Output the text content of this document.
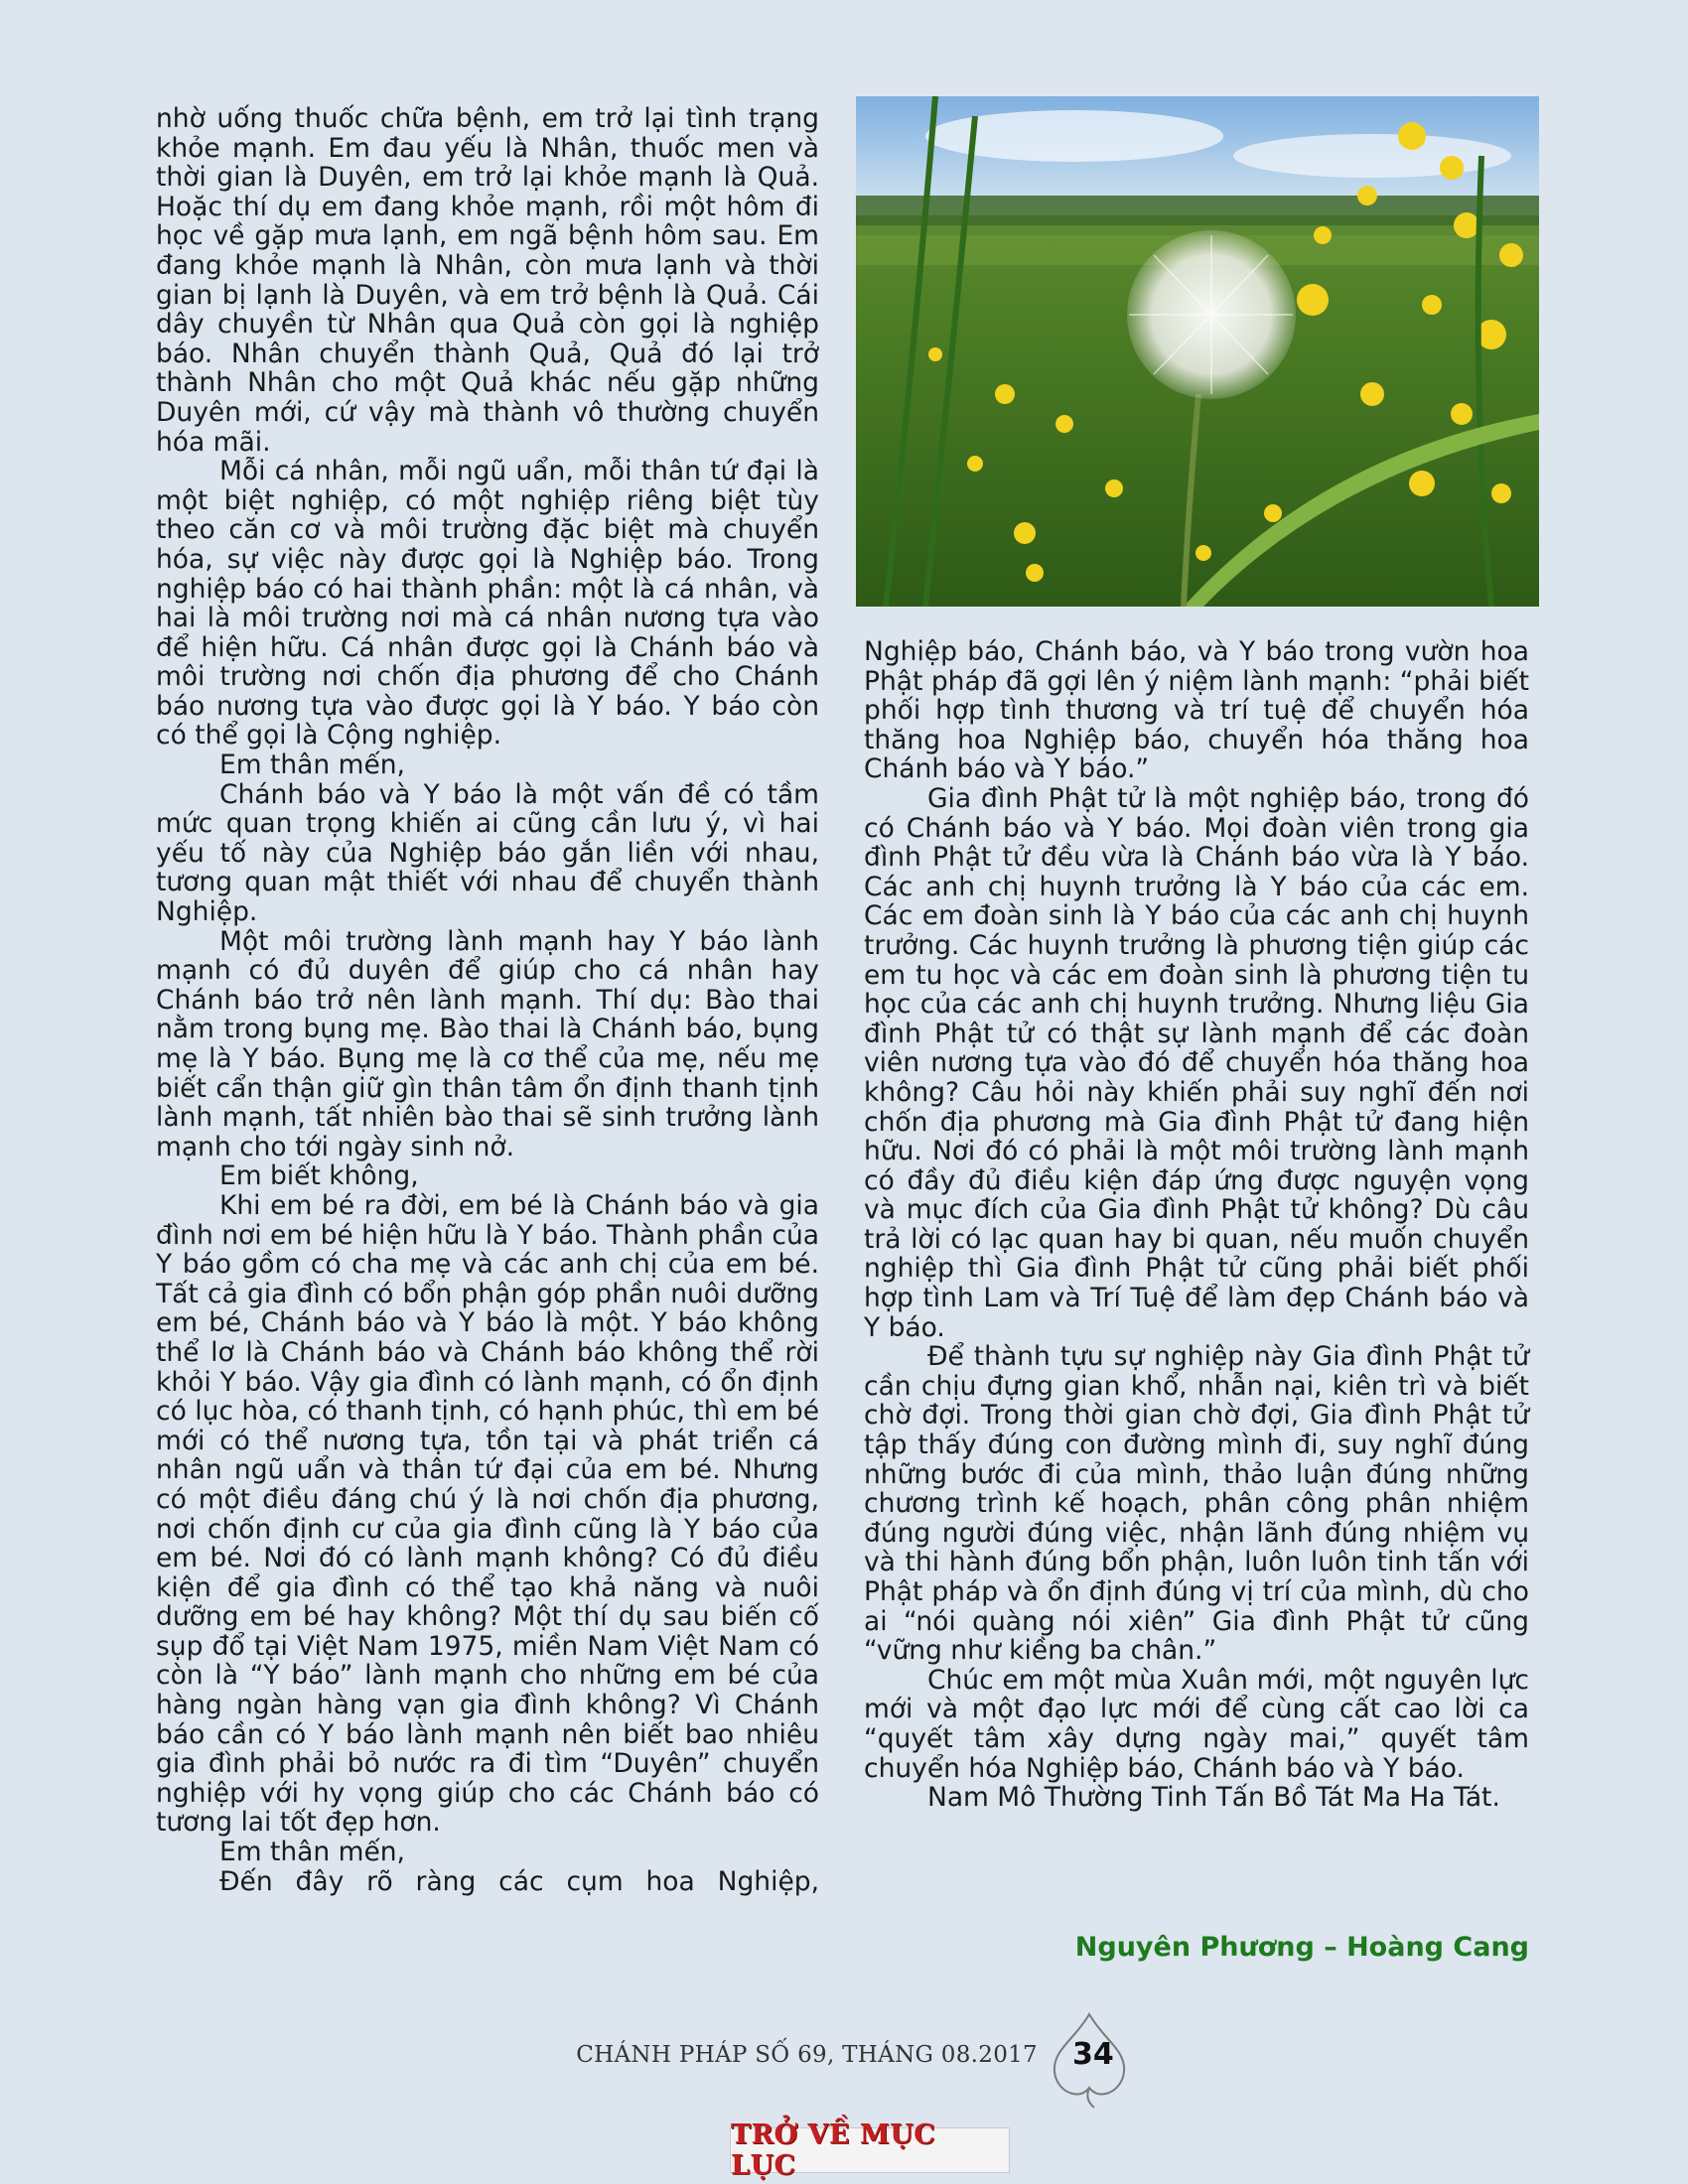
nhờ uống thuốc chữa bệnh, em trở lại tình trạng khỏe mạnh. Em đau yếu là Nhân, thuốc men và thời gian là Duyên, em trở lại khỏe mạnh là Quả. Hoặc thí dụ em đang khỏe mạnh, rồi một hôm đi học về gặp mưa lạnh, em ngã bệnh hôm sau. Em đang khỏe mạnh là Nhân, còn mưa lạnh và thời gian bị lạnh là Duyên, và em trở bệnh là Quả. Cái dây chuyền từ Nhân qua Quả còn gọi là nghiệp báo. Nhân chuyển thành Quả, Quả đó lại trở thành Nhân cho một Quả khác nếu gặp những Duyên mới, cứ vậy mà thành vô thường chuyển hóa mãi.

Mỗi cá nhân, mỗi ngũ uẩn, mỗi thân tứ đại là một biệt nghiệp, có một nghiệp riêng biệt tùy theo căn cơ và môi trường đặc biệt mà chuyển hóa, sự việc này được gọi là Nghiệp báo. Trong nghiệp báo có hai thành phần: một là cá nhân, và hai là môi trường nơi mà cá nhân nương tựa vào để hiện hữu. Cá nhân được gọi là Chánh báo và môi trường nơi chốn địa phương để cho Chánh báo nương tựa vào được gọi là Y báo. Y báo còn có thể gọi là Cộng nghiệp.

Em thân mến,

Chánh báo và Y báo là một vấn đề có tầm mức quan trọng khiến ai cũng cần lưu ý, vì hai yếu tố này của Nghiệp báo gắn liền với nhau, tương quan mật thiết với nhau để chuyển thành Nghiệp.

Một môi trường lành mạnh hay Y báo lành mạnh có đủ duyên để giúp cho cá nhân hay Chánh báo trở nên lành mạnh. Thí dụ: Bào thai nằm trong bụng mẹ. Bào thai là Chánh báo, bụng mẹ là Y báo. Bụng mẹ là cơ thể của mẹ, nếu mẹ biết cẩn thận giữ gìn thân tâm ổn định thanh tịnh lành mạnh, tất nhiên bào thai sẽ sinh trưởng lành mạnh cho tới ngày sinh nở.

Em biết không,

Khi em bé ra đời, em bé là Chánh báo và gia đình nơi em bé hiện hữu là Y báo. Thành phần của Y báo gồm có cha mẹ và các anh chị của em bé. Tất cả gia đình có bổn phận góp phần nuôi dưỡng em bé, Chánh báo và Y báo là một. Y báo không thể lơ là Chánh báo và Chánh báo không thể rời khỏi Y báo. Vậy gia đình có lành mạnh, có ổn định có lục hòa, có thanh tịnh, có hạnh phúc, thì em bé mới có thể nương tựa, tồn tại và phát triển cá nhân ngũ uẩn và thân tứ đại của em bé. Nhưng có một điều đáng chú ý là nơi chốn địa phương, nơi chốn định cư của gia đình cũng là Y báo của em bé. Nơi đó có lành mạnh không? Có đủ điều kiện để gia đình có thể tạo khả năng và nuôi dưỡng em bé hay không? Một thí dụ sau biến cố sụp đổ tại Việt Nam 1975, miền Nam Việt Nam có còn là “Y báo” lành mạnh cho những em bé của hàng ngàn hàng vạn gia đình không? Vì Chánh báo cần có Y báo lành mạnh nên biết bao nhiêu gia đình phải bỏ nước ra đi tìm “Duyên” chuyển nghiệp với hy vọng giúp cho các Chánh báo có tương lai tốt đẹp hơn.

Em thân mến,

Đến đây rõ ràng các cụm hoa Nghiệp,

Nghiệp báo, Chánh báo, và Y báo trong vườn hoa Phật pháp đã gợi lên ý niệm lành mạnh: “phải biết phối hợp tình thương và trí tuệ để chuyển hóa thăng hoa Nghiệp báo, chuyển hóa thăng hoa Chánh báo và Y báo.”

Gia đình Phật tử là một nghiệp báo, trong đó có Chánh báo và Y báo. Mọi đoàn viên trong gia đình Phật tử đều vừa là Chánh báo vừa là Y báo. Các anh chị huynh trưởng là Y báo của các em. Các em đoàn sinh là Y báo của các anh chị huynh trưởng. Các huynh trưởng là phương tiện giúp các em tu học và các em đoàn sinh là phương tiện tu học của các anh chị huynh trưởng. Nhưng liệu Gia đình Phật tử có thật sự lành mạnh để các đoàn viên nương tựa vào đó để chuyển hóa thăng hoa không? Câu hỏi này khiến phải suy nghĩ đến nơi chốn địa phương mà Gia đình Phật tử đang hiện hữu. Nơi đó có phải là một môi trường lành mạnh có đầy đủ điều kiện đáp ứng được nguyện vọng và mục đích của Gia đình Phật tử không? Dù câu trả lời có lạc quan hay bi quan, nếu muốn chuyển nghiệp thì Gia đình Phật tử cũng phải biết phối hợp tình Lam và Trí Tuệ để làm đẹp Chánh báo và Y báo.

Để thành tựu sự nghiệp này Gia đình Phật tử cần chịu đựng gian khổ, nhẫn nại, kiên trì và biết chờ đợi. Trong thời gian chờ đợi, Gia đình Phật tử tập thấy đúng con đường mình đi, suy nghĩ đúng những bước đi của mình, thảo luận đúng những chương trình kế hoạch, phân công phân nhiệm đúng người đúng việc, nhận lãnh đúng nhiệm vụ và thi hành đúng bổn phận, luôn luôn tinh tấn với Phật pháp và ổn định đúng vị trí của mình, dù cho ai “nói quàng nói xiên” Gia đình Phật tử cũng “vững như kiềng ba chân.”

Chúc em một mùa Xuân mới, một nguyên lực mới và một đạo lực mới để cùng cất cao lời ca “quyết tâm xây dựng ngày mai,” quyết tâm chuyển hóa Nghiệp báo, Chánh báo và Y báo.

Nam Mô Thường Tinh Tấn Bồ Tát Ma Ha Tát.

Nguyên Phương – Hoàng Cang
CHÁNH PHÁP SỐ 69, THÁNG 08.2017 34
TRỞ VỀ MỤC LỤC
